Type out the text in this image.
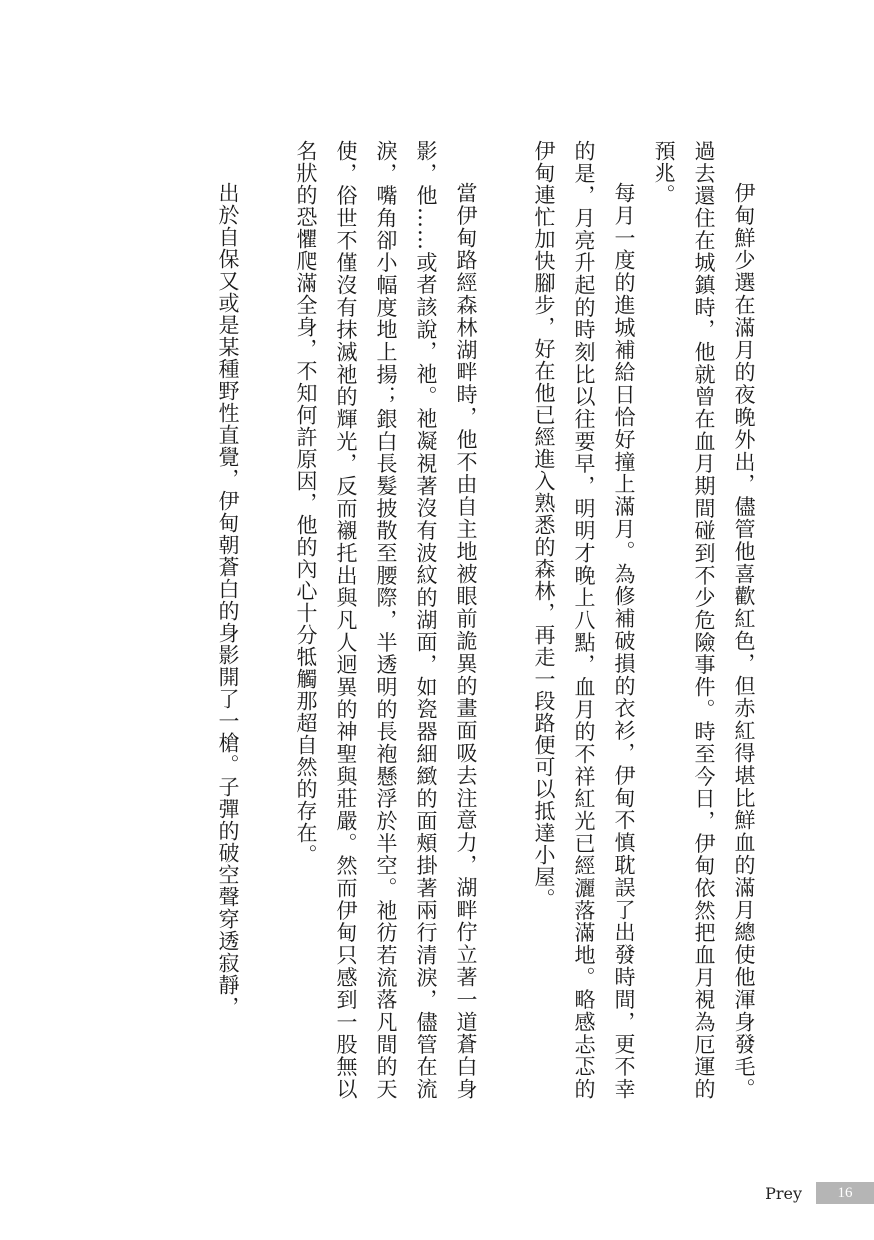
伊甸鮮少選在滿月的夜晚外出，儘管他喜歡紅色，但赤紅得堪比鮮血的滿月總使他渾身發毛。過去還住在城鎮時，他就曾在血月期間碰到不少危險事件。時至今日，伊甸依然把血月視為厄運的預兆。

每月一度的進城補給日恰好撞上滿月。為修補破損的衣衫，伊甸不慎耽誤了出發時間，更不幸的是，月亮升起的時刻比以往要早，明明才晚上八點，血月的不祥紅光已經灑落滿地。略感忐忑的伊甸連忙加快腳步，好在他已經進入熟悉的森林，再走一段路便可以抵達小屋。

當伊甸路經森林湖畔時，他不由自主地被眼前詭異的畫面吸去注意力，湖畔佇立著一道蒼白身影，他……或者該說，祂。祂凝視著沒有波紋的湖面，如瓷器細緻的面頰掛著兩行清淚，儘管在流淚，嘴角卻小幅度地上揚；銀白長髮披散至腰際，半透明的長袍懸浮於半空。祂彷若流落凡間的天使，俗世不僅沒有抹滅祂的輝光，反而襯托出與凡人迥異的神聖與莊嚴。然而伊甸只感到一股無以名狀的恐懼爬滿全身，不知何許原因，他的內心十分牴觸那超自然的存在。

出於自保又或是某種野性直覺，伊甸朝蒼白的身影開了一槍。子彈的破空聲穿透寂靜，

Prey	16
